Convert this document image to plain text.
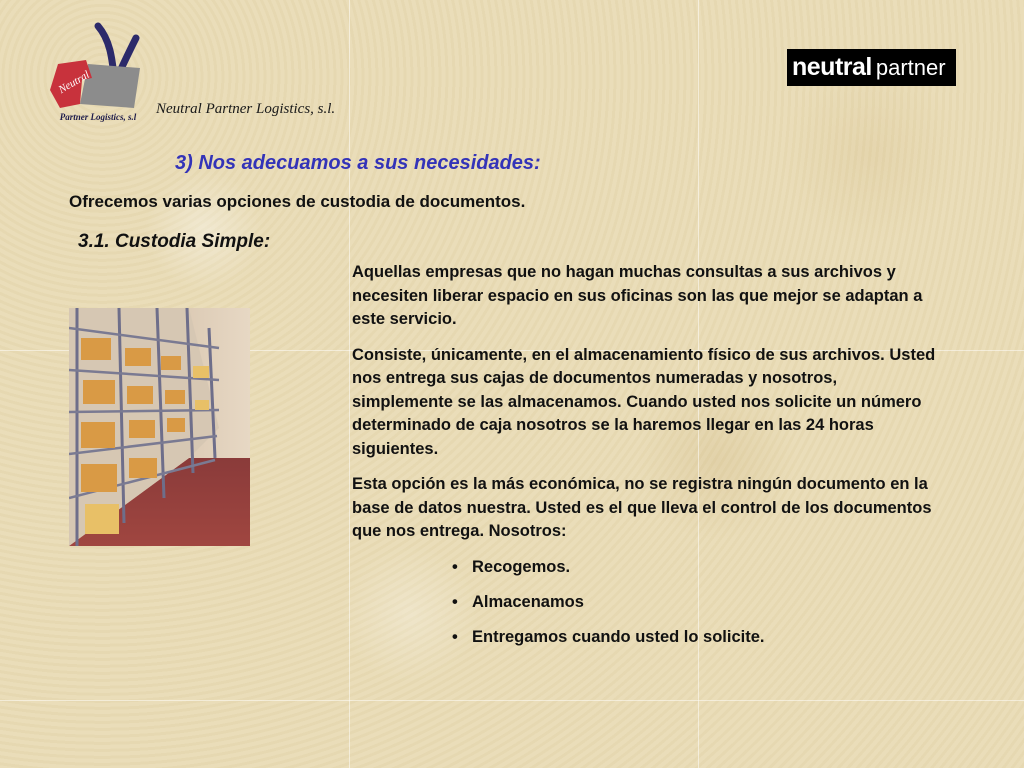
Neutral
Partner Logistics, s.l	Neutral Partner Logistics, s.l.
neutral partner
3) Nos adecuamos a sus necesidades:
Ofrecemos varias opciones de custodia de documentos.
3.1. Custodia Simple:

Aquellas empresas que no hagan muchas consultas a sus archivos y necesiten liberar espacio en sus oficinas son las que mejor se adaptan a este servicio.

Consiste, únicamente, en el almacenamiento físico de sus archivos. Usted nos entrega sus cajas de documentos numeradas y nosotros, simplemente se las almacenamos. Cuando usted nos solicite un número determinado de caja nosotros se la haremos llegar en las 24 horas siguientes.

Esta opción es la más económica, no se registra ningún documento en la base de datos nuestra. Usted es el que lleva el control de los documentos que nos entrega. Nosotros:

• Recogemos.
• Almacenamos
• Entregamos cuando usted lo solicite.
